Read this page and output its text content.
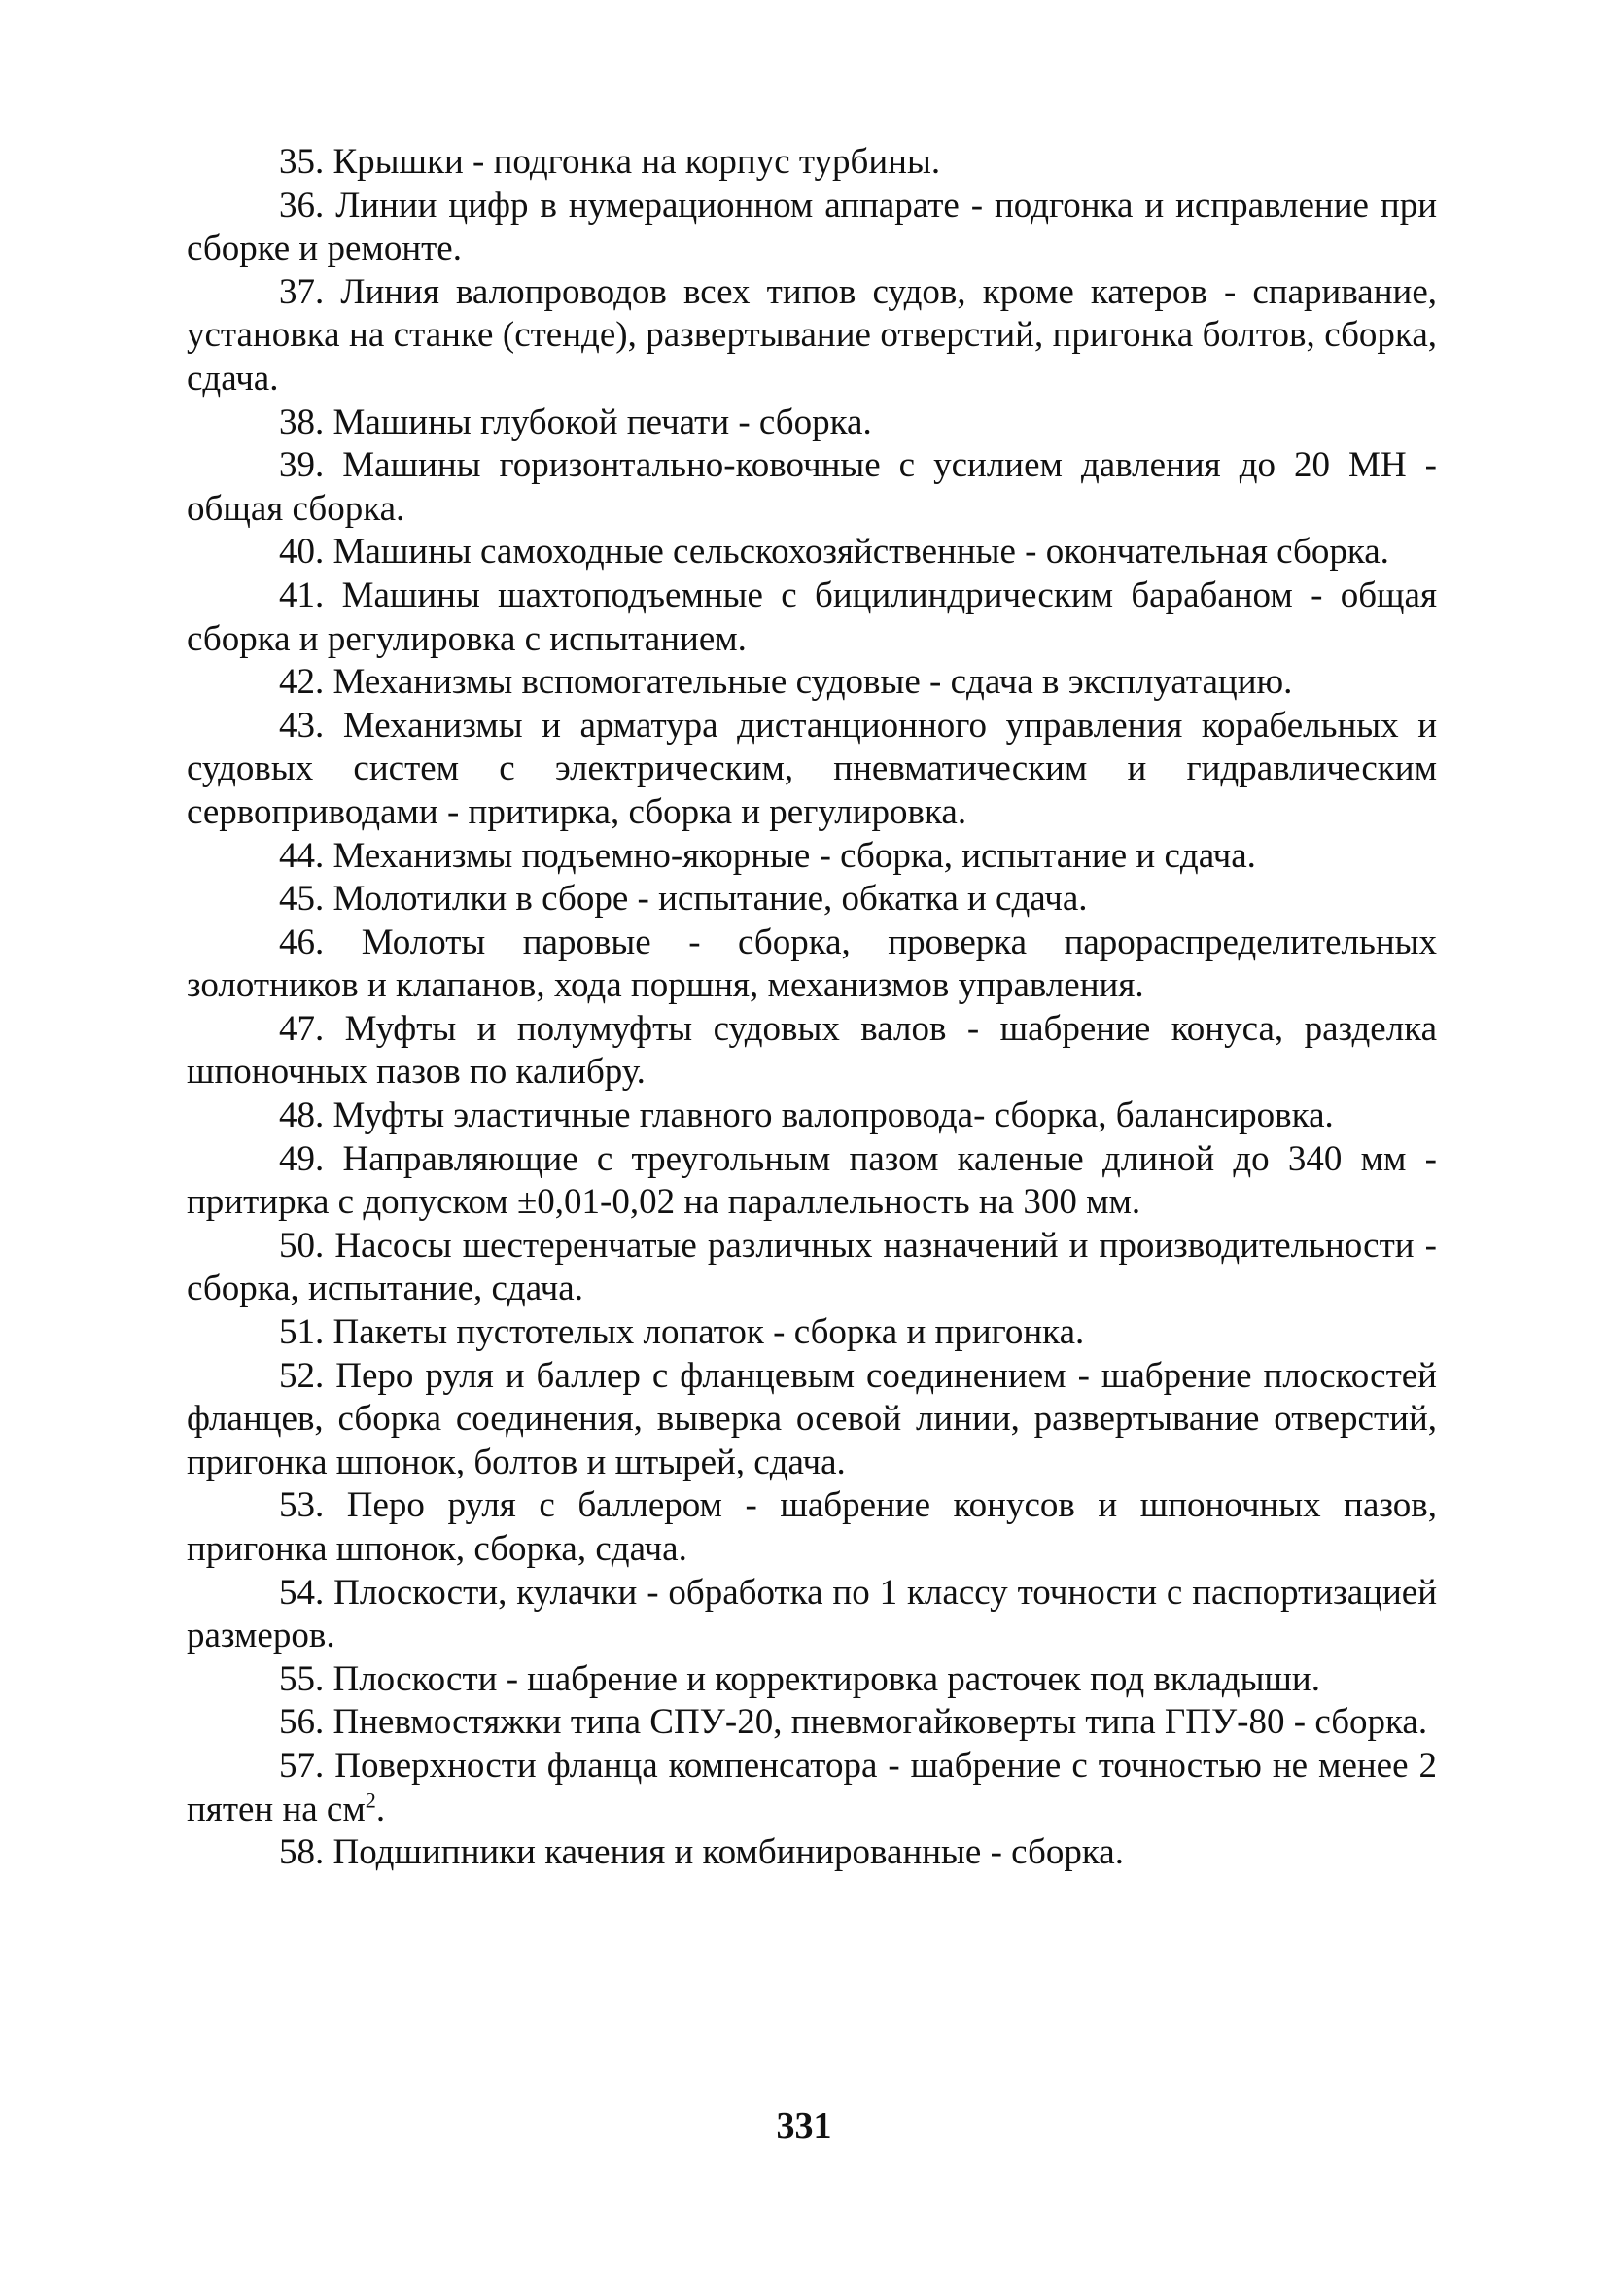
35. Крышки - подгонка на корпус турбины.

36. Линии цифр в нумерационном аппарате - подгонка и исправление при сборке и ремонте.

37. Линия валопроводов всех типов судов, кроме катеров - спаривание, установка на станке (стенде), развертывание отверстий, пригонка болтов, сборка, сдача.

38. Машины глубокой печати - сборка.

39. Машины горизонтально-ковочные с усилием давления до 20 МН - общая сборка.

40. Машины самоходные сельскохозяйственные - окончательная сборка.

41. Машины шахтоподъемные с бицилиндрическим барабаном - общая сборка и регулировка с испытанием.

42. Механизмы вспомогательные судовые - сдача в эксплуатацию.

43. Механизмы и арматура дистанционного управления корабельных и судовых систем с электрическим, пневматическим и гидравлическим сервоприводами - притирка, сборка и регулировка.

44. Механизмы подъемно-якорные - сборка, испытание и сдача.

45. Молотилки в сборе - испытание, обкатка и сдача.

46. Молоты паровые - сборка, проверка парораспределительных золотников и клапанов, хода поршня, механизмов управления.

47. Муфты и полумуфты судовых валов - шабрение конуса, разделка шпоночных пазов по калибру.

48. Муфты эластичные главного валопровода- сборка, балансировка.

49. Направляющие с треугольным пазом каленые длиной до 340 мм - притирка с допуском ±0,01-0,02 на параллельность на 300 мм.

50. Насосы шестеренчатые различных назначений и производительности - сборка, испытание, сдача.

51. Пакеты пустотелых лопаток - сборка и пригонка.

52. Перо руля и баллер с фланцевым соединением - шабрение плоскостей фланцев, сборка соединения, выверка осевой линии, развертывание отверстий, пригонка шпонок, болтов и штырей, сдача.

53. Перо руля с баллером - шабрение конусов и шпоночных пазов, пригонка шпонок, сборка, сдача.

54. Плоскости, кулачки - обработка по 1 классу точности с паспортизацией размеров.

55. Плоскости - шабрение и корректировка расточек под вкладыши.

56. Пневмостяжки типа СПУ-20, пневмогайковерты типа ГПУ-80 - сборка.

57. Поверхности фланца компенсатора - шабрение с точностью не менее 2 пятен на $см^2$.

58. Подшипники качения и комбинированные - сборка.

331
